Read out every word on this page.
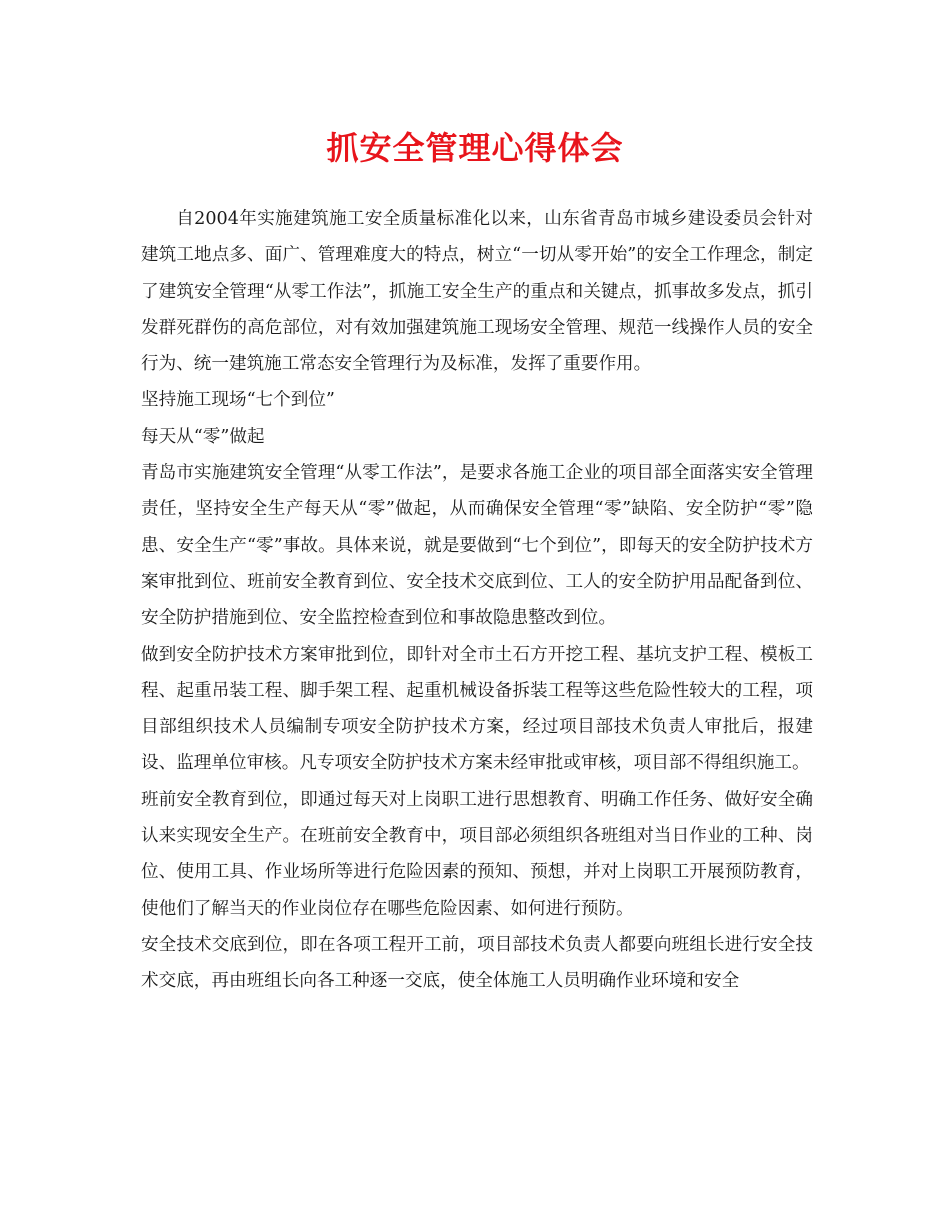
抓安全管理心得体会

自2004年实施建筑施工安全质量标准化以来，山东省青岛市城乡建设委员会针对建筑工地点多、面广、管理难度大的特点，树立“一切从零开始”的安全工作理念，制定了建筑安全管理“从零工作法”，抓施工安全生产的重点和关键点，抓事故多发点，抓引发群死群伤的高危部位，对有效加强建筑施工现场安全管理、规范一线操作人员的安全行为、统一建筑施工常态安全管理行为及标准，发挥了重要作用。

坚持施工现场“七个到位”

每天从“零”做起

青岛市实施建筑安全管理“从零工作法”，是要求各施工企业的项目部全面落实安全管理责任，坚持安全生产每天从“零”做起，从而确保安全管理“零”缺陷、安全防护“零”隐患、安全生产“零”事故。具体来说，就是要做到“七个到位”，即每天的安全防护技术方案审批到位、班前安全教育到位、安全技术交底到位、工人的安全防护用品配备到位、安全防护措施到位、安全监控检查到位和事故隐患整改到位。

做到安全防护技术方案审批到位，即针对全市土石方开挖工程、基坑支护工程、模板工程、起重吊装工程、脚手架工程、起重机械设备拆装工程等这些危险性较大的工程，项目部组织技术人员编制专项安全防护技术方案，经过项目部技术负责人审批后，报建设、监理单位审核。凡专项安全防护技术方案未经审批或审核，项目部不得组织施工。

班前安全教育到位，即通过每天对上岗职工进行思想教育、明确工作任务、做好安全确认来实现安全生产。在班前安全教育中，项目部必须组织各班组对当日作业的工种、岗位、使用工具、作业场所等进行危险因素的预知、预想，并对上岗职工开展预防教育，使他们了解当天的作业岗位存在哪些危险因素、如何进行预防。

安全技术交底到位，即在各项工程开工前，项目部技术负责人都要向班组长进行安全技术交底，再由班组长向各工种逐一交底，使全体施工人员明确作业环境和安全
